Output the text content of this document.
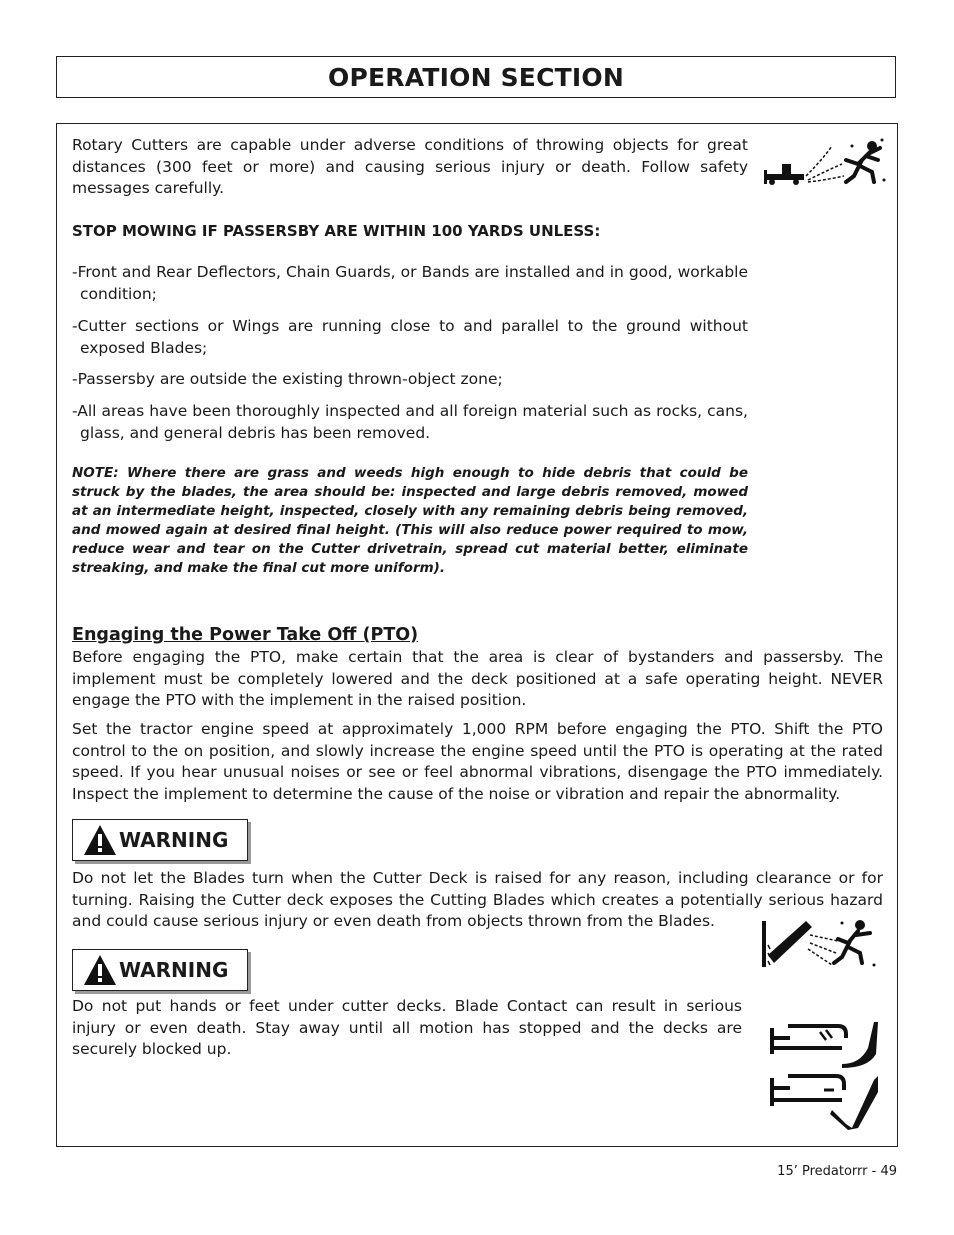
OPERATION SECTION

Rotary Cutters are capable under adverse conditions of throwing objects for great distances (300 feet or more) and causing serious injury or death. Follow safety messages carefully.

STOP MOWING IF PASSERSBY ARE WITHIN 100 YARDS UNLESS:

-Front and Rear Deflectors, Chain Guards, or Bands are installed and in good, workable condition;

-Cutter sections or Wings are running close to and parallel to the ground without exposed Blades;

-Passersby are outside the existing thrown-object zone;

-All areas have been thoroughly inspected and all foreign material such as rocks, cans, glass, and general debris has been removed.

NOTE: Where there are grass and weeds high enough to hide debris that could be struck by the blades, the area should be: inspected and large debris removed, mowed at an intermediate height, inspected, closely with any remaining debris being removed, and mowed again at desired final height. (This will also reduce power required to mow, reduce wear and tear on the Cutter drivetrain, spread cut material better, eliminate streaking, and make the final cut more uniform).

Engaging the Power Take Off (PTO)

Before engaging the PTO, make certain that the area is clear of bystanders and passersby. The implement must be completely lowered and the deck positioned at a safe operating height. NEVER engage the PTO with the implement in the raised position.

Set the tractor engine speed at approximately 1,000 RPM before engaging the PTO. Shift the PTO control to the on position, and slowly increase the engine speed until the PTO is operating at the rated speed. If you hear unusual noises or see or feel abnormal vibrations, disengage the PTO immediately. Inspect the implement to determine the cause of the noise or vibration and repair the abnormality.

WARNING

Do not let the Blades turn when the Cutter Deck is raised for any reason, including clearance or for turning. Raising the Cutter deck exposes the Cutting Blades which creates a potentially serious hazard and could cause serious injury or even death from objects thrown from the Blades.

WARNING

Do not put hands or feet under cutter decks. Blade Contact can result in serious injury or even death. Stay away until all motion has stopped and the decks are securely blocked up.

15’ Predatorrr - 49
